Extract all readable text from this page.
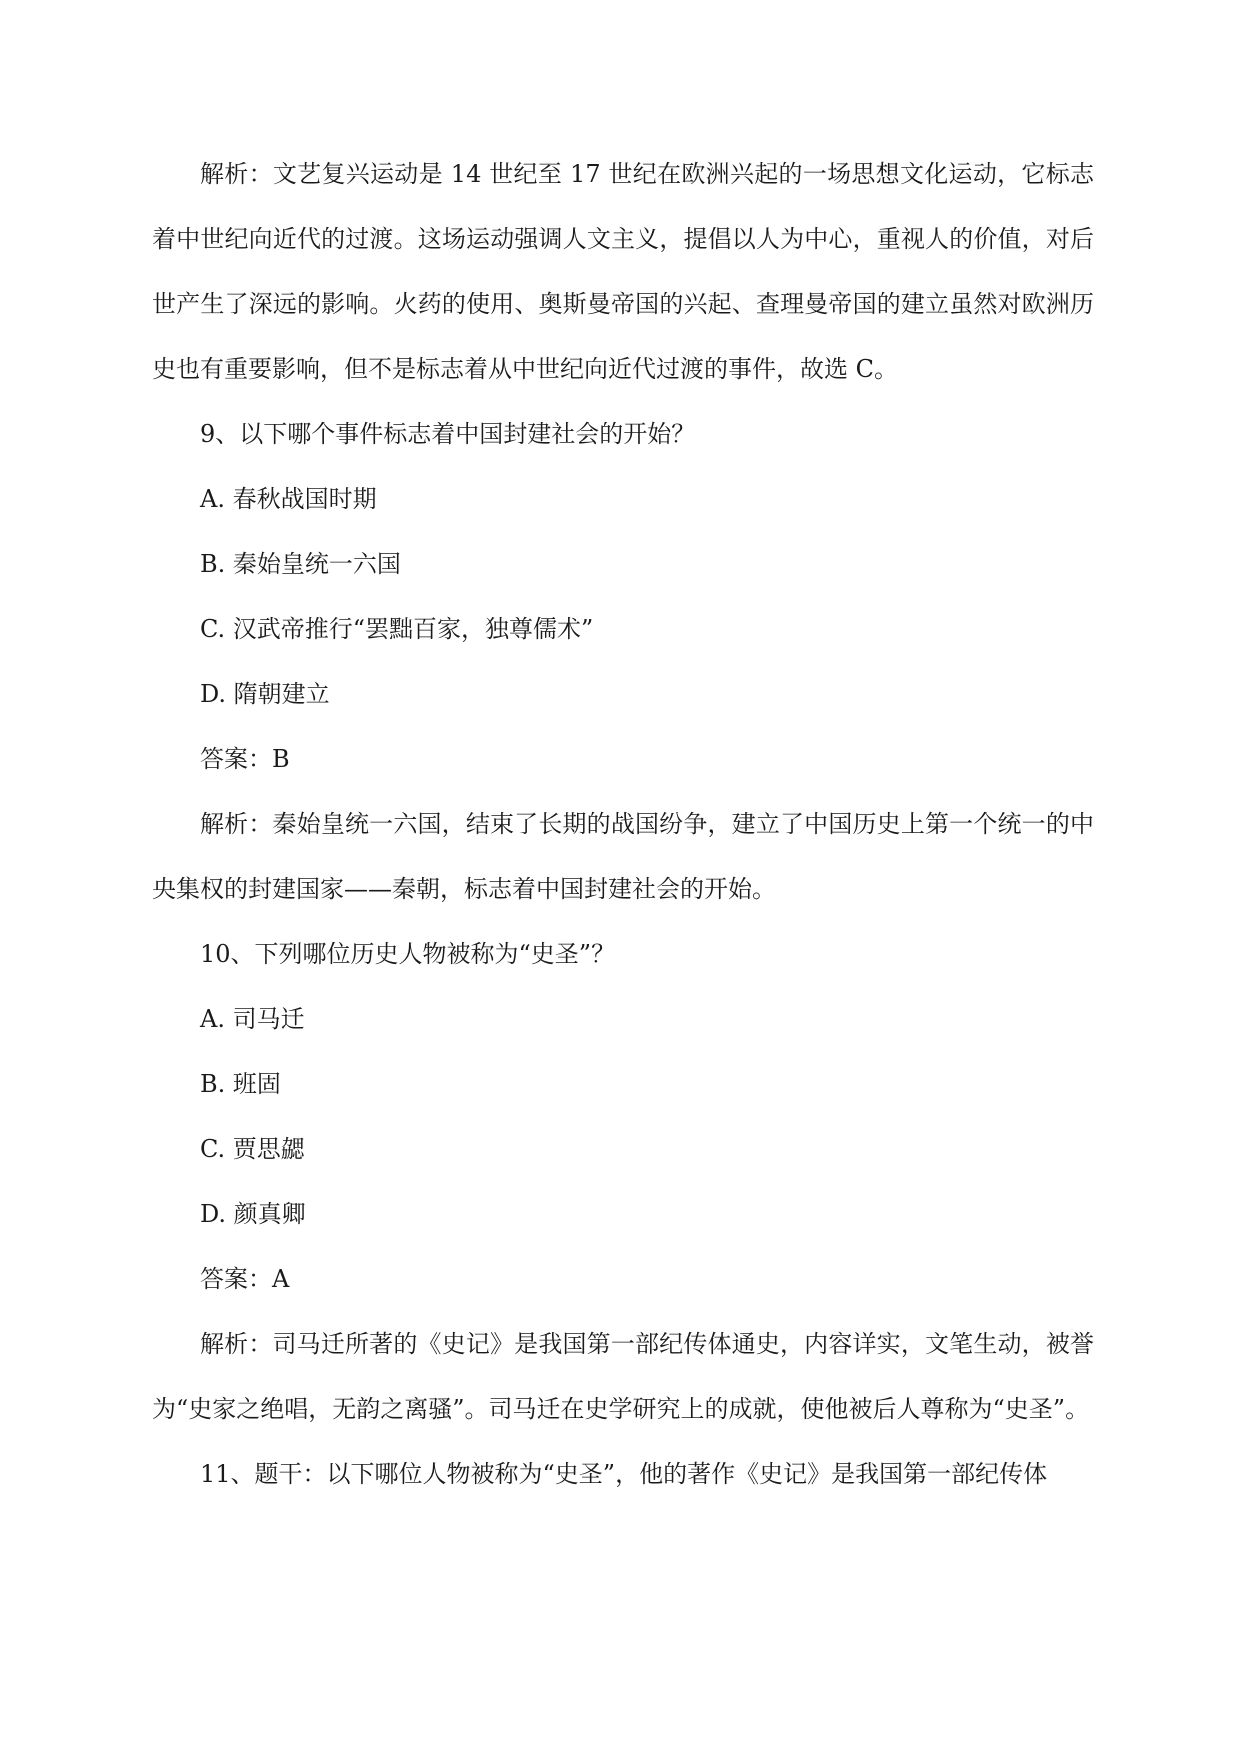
解析：文艺复兴运动是 14 世纪至 17 世纪在欧洲兴起的一场思想文化运动，它标志着中世纪向近代的过渡。这场运动强调人文主义，提倡以人为中心，重视人的价值，对后世产生了深远的影响。火药的使用、奥斯曼帝国的兴起、查理曼帝国的建立虽然对欧洲历史也有重要影响，但不是标志着从中世纪向近代过渡的事件，故选 C。

9、以下哪个事件标志着中国封建社会的开始？

A. 春秋战国时期

B. 秦始皇统一六国

C. 汉武帝推行“罢黜百家，独尊儒术”

D. 隋朝建立

答案：B

解析：秦始皇统一六国，结束了长期的战国纷争，建立了中国历史上第一个统一的中央集权的封建国家——秦朝，标志着中国封建社会的开始。

10、下列哪位历史人物被称为“史圣”？

A. 司马迁

B. 班固

C. 贾思勰

D. 颜真卿

答案：A

解析：司马迁所著的《史记》是我国第一部纪传体通史，内容详实，文笔生动，被誉为“史家之绝唱，无韵之离骚”。司马迁在史学研究上的成就，使他被后人尊称为“史圣”。

11、题干：以下哪位人物被称为“史圣”，他的著作《史记》是我国第一部纪传体
